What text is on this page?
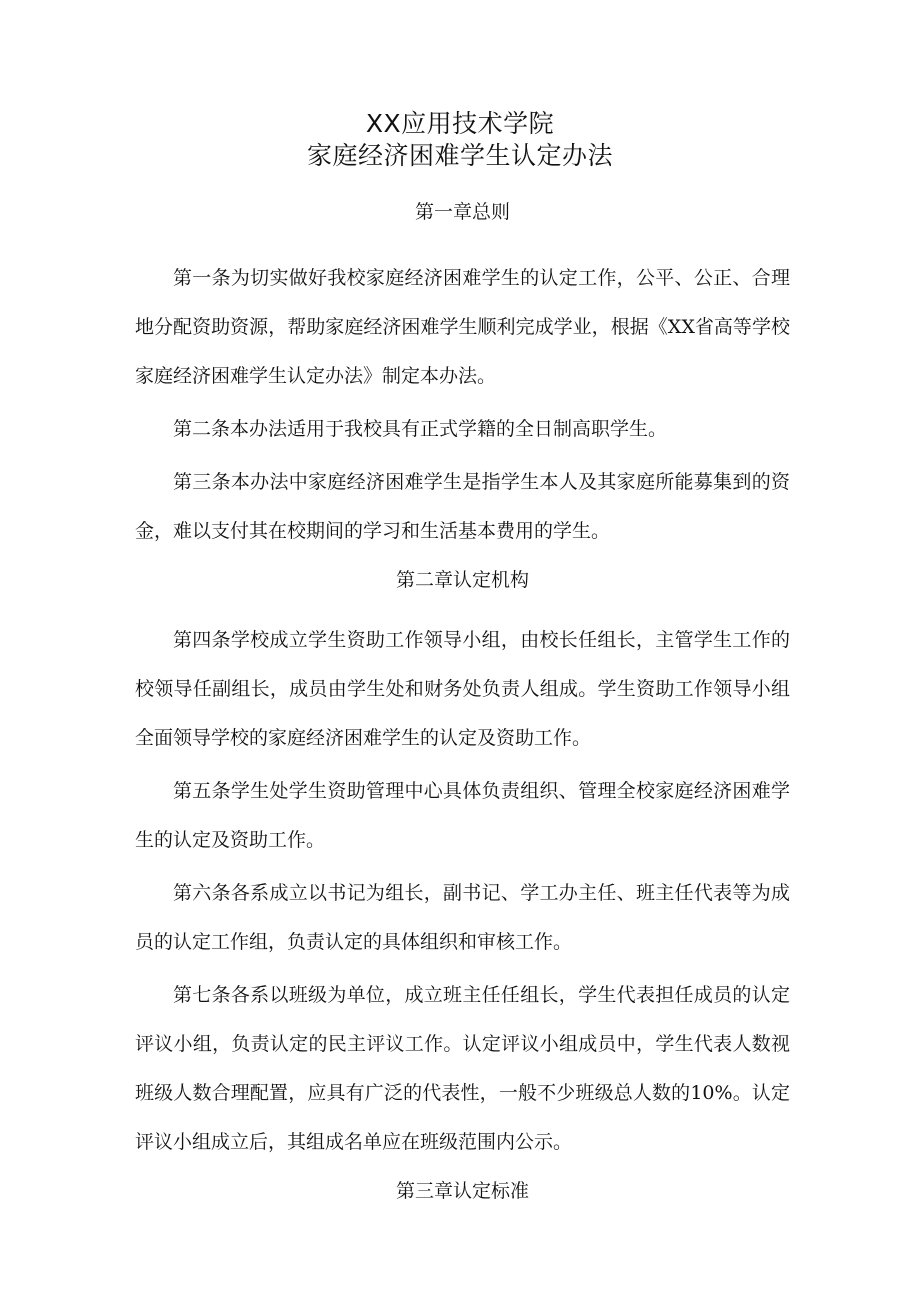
XX应用技术学院
家庭经济困难学生认定办法
第一章总则

第一条为切实做好我校家庭经济困难学生的认定工作，公平、公正、合理地分配资助资源，帮助家庭经济困难学生顺利完成学业，根据《XX省高等学校家庭经济困难学生认定办法》制定本办法。

第二条本办法适用于我校具有正式学籍的全日制高职学生。

第三条本办法中家庭经济困难学生是指学生本人及其家庭所能募集到的资金，难以支付其在校期间的学习和生活基本费用的学生。

第二章认定机构

第四条学校成立学生资助工作领导小组，由校长任组长，主管学生工作的校领导任副组长，成员由学生处和财务处负责人组成。学生资助工作领导小组全面领导学校的家庭经济困难学生的认定及资助工作。

第五条学生处学生资助管理中心具体负责组织、管理全校家庭经济困难学生的认定及资助工作。

第六条各系成立以书记为组长，副书记、学工办主任、班主任代表等为成员的认定工作组，负责认定的具体组织和审核工作。

第七条各系以班级为单位，成立班主任任组长，学生代表担任成员的认定评议小组，负责认定的民主评议工作。认定评议小组成员中，学生代表人数视班级人数合理配置，应具有广泛的代表性，一般不少班级总人数的10%。认定评议小组成立后，其组成名单应在班级范围内公示。

第三章认定标准
